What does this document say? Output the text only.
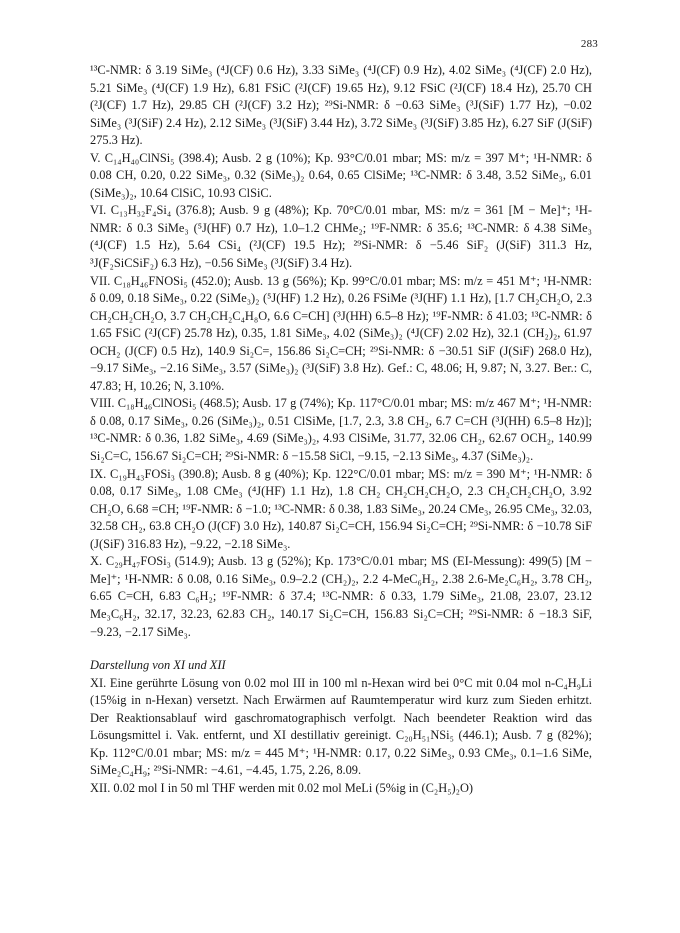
283

¹³C-NMR: δ 3.19 SiMe₃ (⁴J(CF) 0.6 Hz), 3.33 SiMe₃ (⁴J(CF) 0.9 Hz), 4.02 SiMe₃ (⁴J(CF) 2.0 Hz), 5.21 SiMe₃ (⁴J(CF) 1.9 Hz), 6.81 FSiC (²J(CF) 19.65 Hz), 9.12 FSiC (²J(CF) 18.4 Hz), 25.70 CH (²J(CF) 1.7 Hz), 29.85 CH (²J(CF) 3.2 Hz); ²⁹Si-NMR: δ −0.63 SiMe₃ (³J(SiF) 1.77 Hz), −0.02 SiMe₃ (³J(SiF) 2.4 Hz), 2.12 SiMe₃ (³J(SiF) 3.44 Hz), 3.72 SiMe₃ (³J(SiF) 3.85 Hz), 6.27 SiF (J(SiF) 275.3 Hz).

V. C₁₄H₄₀ClNSi₅ (398.4); Ausb. 2 g (10%); Kp. 93°C/0.01 mbar; MS: m/z = 397 M⁺; ¹H-NMR: δ 0.08 CH, 0.20, 0.22 SiMe₃, 0.32 (SiMe₃)₂ 0.64, 0.65 ClSiMe; ¹³C-NMR: δ 3.48, 3.52 SiMe₃, 6.01 (SiMe₃)₂, 10.64 ClSiC, 10.93 ClSiC.

VI. C₁₃H₃₂F₄Si₄ (376.8); Ausb. 9 g (48%); Kp. 70°C/0.01 mbar, MS: m/z = 361 [M − Me]⁺; ¹H-NMR: δ 0.3 SiMe₃ (⁵J(HF) 0.7 Hz), 1.0–1.2 CHMe₂; ¹⁹F-NMR: δ 35.6; ¹³C-NMR: δ 4.38 SiMe₃ (⁴J(CF) 1.5 Hz), 5.64 CSi₄ (²J(CF) 19.5 Hz); ²⁹Si-NMR: δ −5.46 SiF₂ (J(SiF) 311.3 Hz, ³J(F₂SiCSiF₂) 6.3 Hz), −0.56 SiMe₃ (³J(SiF) 3.4 Hz).

VII. C₁₈H₄₆FNOSi₅ (452.0); Ausb. 13 g (56%); Kp. 99°C/0.01 mbar; MS: m/z = 451 M⁺; ¹H-NMR: δ 0.09, 0.18 SiMe₃, 0.22 (SiMe₃)₂ (⁵J(HF) 1.2 Hz), 0.26 FSiMe (³J(HF) 1.1 Hz), [1.7 CH₂CH₂O, 2.3 CH₂CH₂CH₂O, 3.7 CH₂CH₂C₄H₈O, 6.6 C=CH] (³J(HH) 6.5–8 Hz); ¹⁹F-NMR: δ 41.03; ¹³C-NMR: δ 1.65 FSiC (²J(CF) 25.78 Hz), 0.35, 1.81 SiMe₃, 4.02 (SiMe₃)₂ (⁴J(CF) 2.02 Hz), 32.1 (CH₂)₂, 61.97 OCH₂ (J(CF) 0.5 Hz), 140.9 Si₂C=, 156.86 Si₂C=CH; ²⁹Si-NMR: δ −30.51 SiF (J(SiF) 268.0 Hz), −9.17 SiMe₃, −2.16 SiMe₃, 3.57 (SiMe₃)₂ (³J(SiF) 3.8 Hz). Gef.: C, 48.06; H, 9.87; N, 3.27. Ber.: C, 47.83; H, 10.26; N, 3.10%.

VIII. C₁₈H₄₆ClNOSi₅ (468.5); Ausb. 17 g (74%); Kp. 117°C/0.01 mbar; MS: m/z 467 M⁺; ¹H-NMR: δ 0.08, 0.17 SiMe₃, 0.26 (SiMe₃)₂, 0.51 ClSiMe, [1.7, 2.3, 3.8 CH₂, 6.7 C=CH (³J(HH) 6.5–8 Hz)]; ¹³C-NMR: δ 0.36, 1.82 SiMe₃, 4.69 (SiMe₃)₂, 4.93 ClSiMe, 31.77, 32.06 CH₂, 62.67 OCH₂, 140.99 Si₂C=C, 156.67 Si₂C=CH; ²⁹Si-NMR: δ −15.58 SiCl, −9.15, −2.13 SiMe₃, 4.37 (SiMe₃)₂.

IX. C₁₉H₄₃FOSi₃ (390.8); Ausb. 8 g (40%); Kp. 122°C/0.01 mbar; MS: m/z = 390 M⁺; ¹H-NMR: δ 0.08, 0.17 SiMe₃, 1.08 CMe₃ (⁴J(HF) 1.1 Hz), 1.8 CH₂ CH₂CH₂CH₂O, 2.3 CH₂CH₂CH₂O, 3.92 CH₂O, 6.68 =CH; ¹⁹F-NMR: δ −1.0; ¹³C-NMR: δ 0.38, 1.83 SiMe₃, 20.24 CMe₃, 26.95 CMe₃, 32.03, 32.58 CH₂, 63.8 CH₂O (J(CF) 3.0 Hz), 140.87 Si₂C=CH, 156.94 Si₂C=CH; ²⁹Si-NMR: δ −10.78 SiF (J(SiF) 316.83 Hz), −9.22, −2.18 SiMe₃.

X. C₂₉H₄₇FOSi₃ (514.9); Ausb. 13 g (52%); Kp. 173°C/0.01 mbar; MS (EI-Messung): 499(5) [M − Me]⁺; ¹H-NMR: δ 0.08, 0.16 SiMe₃, 0.9–2.2 (CH₂)₂, 2.2 4-MeC₆H₂, 2.38 2.6-Me₂C₆H₂, 3.78 CH₂, 6.65 C=CH, 6.83 C₆H₂; ¹⁹F-NMR: δ 37.4; ¹³C-NMR: δ 0.33, 1.79 SiMe₃, 21.08, 23.07, 23.12 Me₃C₆H₂, 32.17, 32.23, 62.83 CH₂, 140.17 Si₂C=CH, 156.83 Si₂C=CH; ²⁹Si-NMR: δ −18.3 SiF, −9.23, −2.17 SiMe₃.

Darstellung von XI und XII

XI. Eine gerührte Lösung von 0.02 mol III in 100 ml n-Hexan wird bei 0°C mit 0.04 mol n-C₄H₉Li (15%ig in n-Hexan) versetzt. Nach Erwärmen auf Raumtemperatur wird kurz zum Sieden erhitzt. Der Reaktionsablauf wird gaschromatographisch verfolgt. Nach beendeter Reaktion wird das Lösungsmittel i. Vak. entfernt, und XI destillativ gereinigt. C₂₀H₅₁NSi₅ (446.1); Ausb. 7 g (82%); Kp. 112°C/0.01 mbar; MS: m/z = 445 M⁺; ¹H-NMR: 0.17, 0.22 SiMe₃, 0.93 CMe₃, 0.1–1.6 SiMe, SiMe₂C₄H₉; ²⁹Si-NMR: −4.61, −4.45, 1.75, 2.26, 8.09.

XII. 0.02 mol I in 50 ml THF werden mit 0.02 mol MeLi (5%ig in (C₂H₅)₂O)
